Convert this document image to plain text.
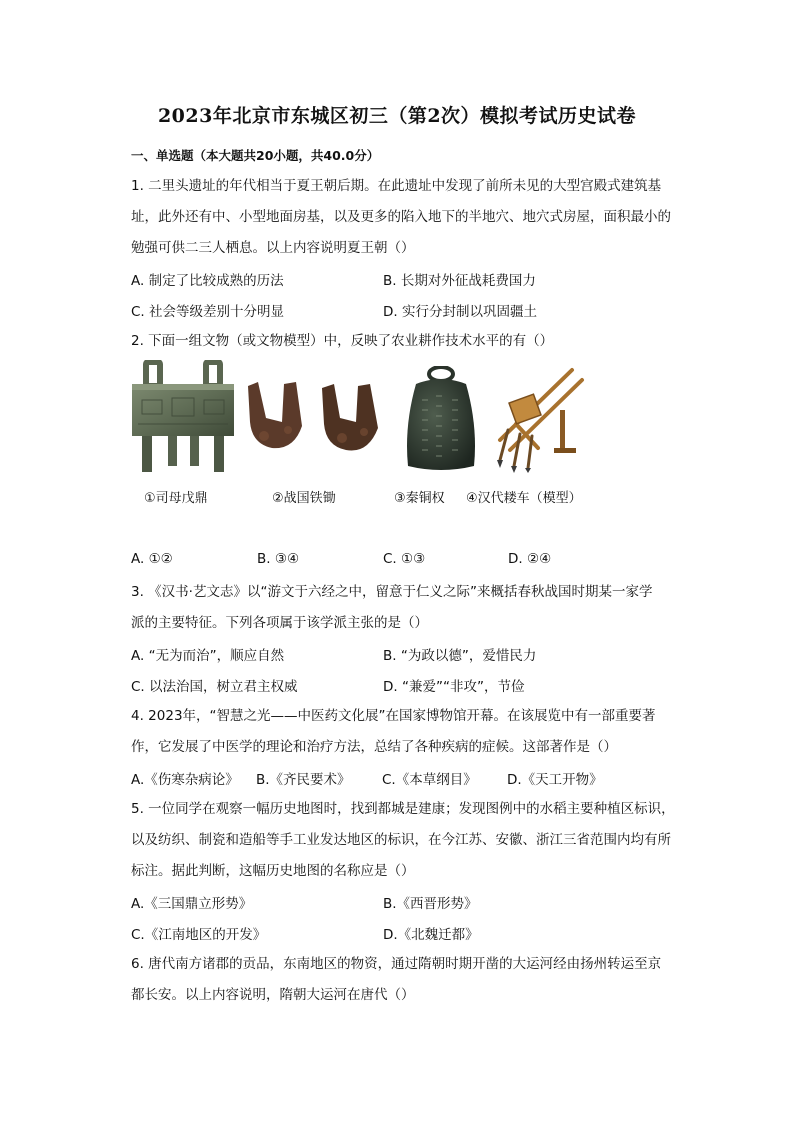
2023年北京市东城区初三（第2次）模拟考试历史试卷
一、单选题（本大题共20小题，共40.0分）
1. 二里头遗址的年代相当于夏王朝后期。在此遗址中发现了前所未见的大型宫殿式建筑基
址，此外还有中、小型地面房基，以及更多的陷入地下的半地穴、地穴式房屋，面积最小的
勉强可供二三人栖息。以上内容说明夏王朝（）
A. 制定了比较成熟的历法	B. 长期对外征战耗费国力
C. 社会等级差别十分明显	D. 实行分封制以巩固疆土
2. 下面一组文物（或文物模型）中，反映了农业耕作技术水平的有（）
①司母戊鼎	②战国铁锄	③秦铜权 ④汉代耧车（模型）
A. ①②	B. ③④	C. ①③	D. ②④
3. 《汉书·艺文志》以“游文于六经之中，留意于仁义之际”来概括春秋战国时期某一家学
派的主要特征。下列各项属于该学派主张的是（）
A. “无为而治”，顺应自然	B. “为政以德”，爱惜民力
C. 以法治国，树立君主权威	D. “兼爱”“非攻”，节俭
4. 2023年，“智慧之光——中医药文化展”在国家博物馆开幕。在该展览中有一部重要著
作，它发展了中医学的理论和治疗方法，总结了各种疾病的症候。这部著作是（）
A.《伤寒杂病论》 B.《齐民要术》 C.《本草纲目》 D.《天工开物》
5. 一位同学在观察一幅历史地图时，找到都城是建康；发现图例中的水稻主要种植区标识，
以及纺织、制瓷和造船等手工业发达地区的标识，在今江苏、安徽、浙江三省范围内均有所
标注。据此判断，这幅历史地图的名称应是（）
A.《三国鼎立形势》	B.《西晋形势》
C.《江南地区的开发》	D.《北魏迁都》
6. 唐代南方诸郡的贡品，东南地区的物资，通过隋朝时期开凿的大运河经由扬州转运至京
都长安。以上内容说明，隋朝大运河在唐代（）
